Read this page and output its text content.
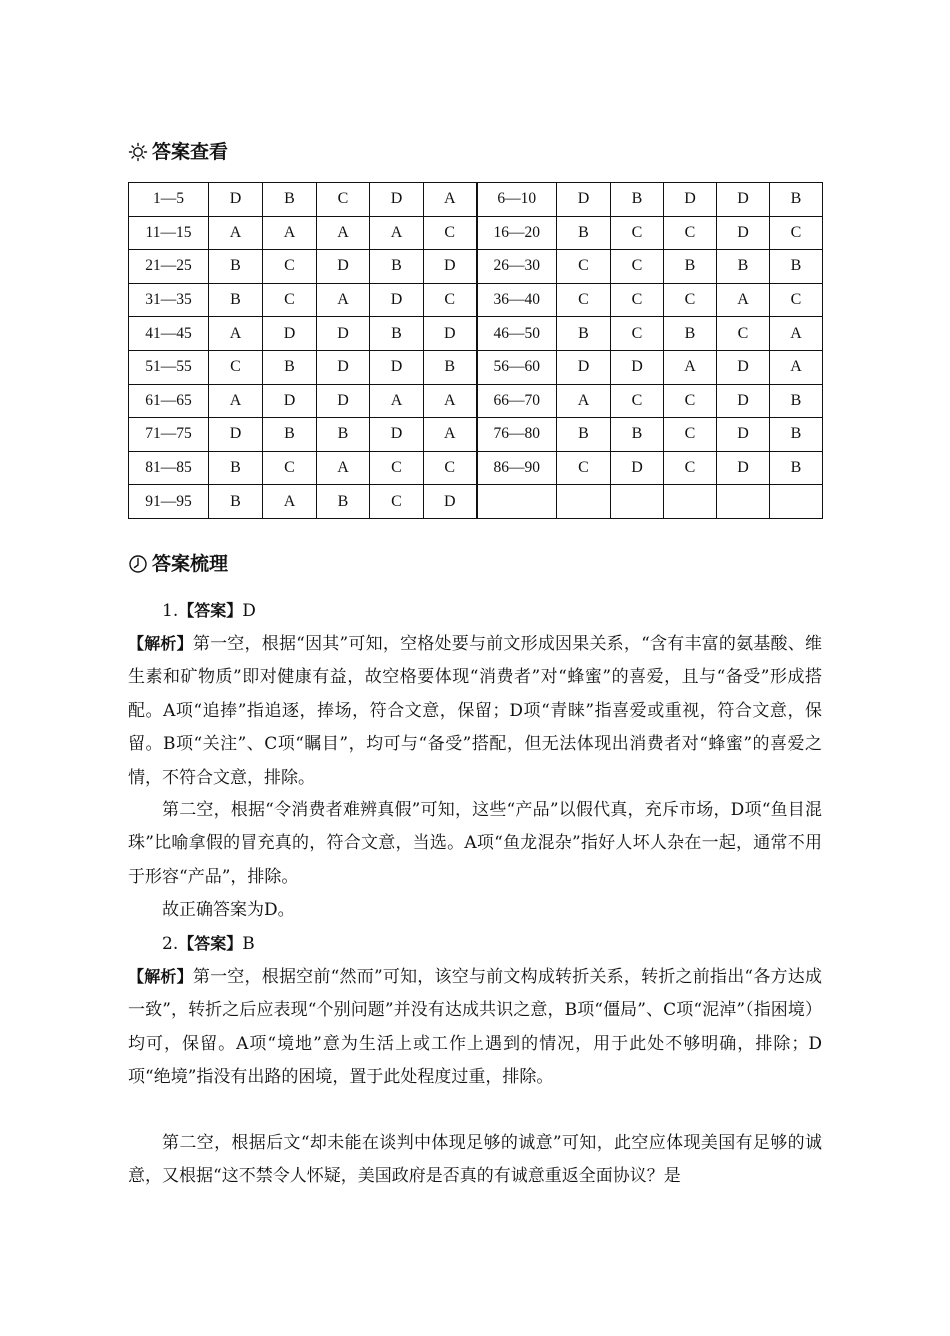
答案查看
1—5	D	B	C	D	A	6—10	D	B	D	D	B
11—15	A	A	A	A	C	16—20	B	C	C	D	C
21—25	B	C	D	B	D	26—30	C	C	B	B	B
31—35	B	C	A	D	C	36—40	C	C	C	A	C
41—45	A	D	D	B	D	46—50	B	C	B	C	A
51—55	C	B	D	D	B	56—60	D	D	A	D	A
61—65	A	D	D	A	A	66—70	A	C	C	D	B
71—75	D	B	B	D	A	76—80	B	B	C	D	B
81—85	B	C	A	C	C	86—90	C	D	C	D	B
91—95	B	A	B	C	D						
答案梳理

1.【答案】D

【解析】第一空，根据“因其”可知，空格处要与前文形成因果关系，“含有丰富的氨基酸、维生素和矿物质”即对健康有益，故空格要体现“消费者”对“蜂蜜”的喜爱，且与“备受”形成搭配。A项“追捧”指追逐，捧场，符合文意，保留；D项“青睐”指喜爱或重视，符合文意，保留。B项“关注”、C项“瞩目”，均可与“备受”搭配，但无法体现出消费者对“蜂蜜”的喜爱之情，不符合文意，排除。

第二空，根据“令消费者难辨真假”可知，这些“产品”以假代真，充斥市场，D项“鱼目混珠”比喻拿假的冒充真的，符合文意，当选。A项“鱼龙混杂”指好人坏人杂在一起，通常不用于形容“产品”，排除。

故正确答案为D。

2.【答案】B

【解析】第一空，根据空前“然而”可知，该空与前文构成转折关系，转折之前指出“各方达成一致”，转折之后应表现“个别问题”并没有达成共识之意，B项“僵局”、C项“泥淖”（指困境）均可，保留。A项“境地”意为生活上或工作上遇到的情况，用于此处不够明确，排除；D项“绝境”指没有出路的困境，置于此处程度过重，排除。

第二空，根据后文“却未能在谈判中体现足够的诚意”可知，此空应体现美国有足够的诚意，又根据“这不禁令人怀疑，美国政府是否真的有诚意重返全面协议？是
